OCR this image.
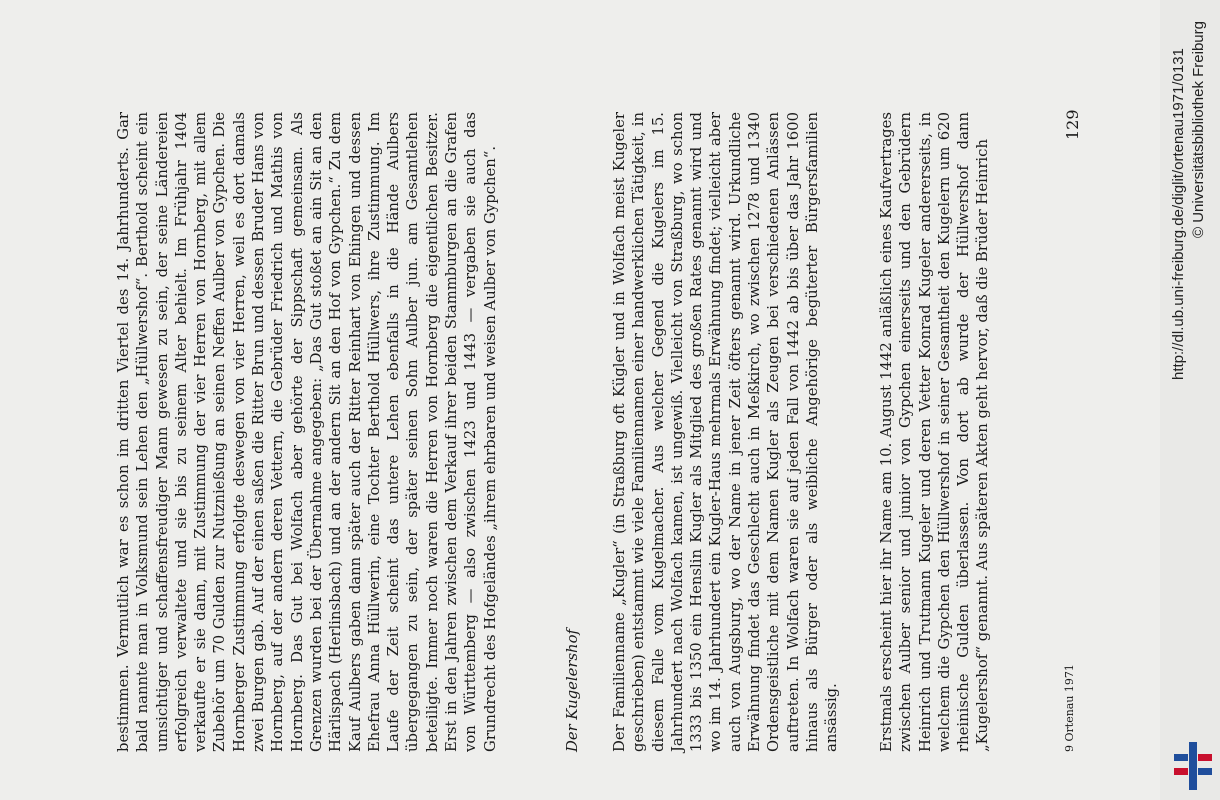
bestimmen. Vermutlich war es schon im dritten Viertel des 14. Jahrhunderts. Gar bald nannte man in Volksmund sein Lehen den „Hüllwershof“. Berthold scheint ein umsichtiger und schaffensfreudiger Mann gewesen zu sein, der seine Ländereien erfolgreich verwaltete und sie bis zu seinem Alter behielt. Im Frühjahr 1404 verkaufte er sie dann, mit Zustimmung der vier Herren von Hornberg, mit allem Zubehör um 70 Gulden zur Nutznießung an seinen Neffen Aulber von Gypchen. Die Hornberger Zustimmung erfolgte deswegen von vier Herren, weil es dort damals zwei Burgen gab. Auf der einen saßen die Ritter Brun und dessen Bruder Hans von Hornberg, auf der andern deren Vettern, die Gebrüder Friedrich und Mathis von Hornberg. Das Gut bei Wolfach aber gehörte der Sippschaft gemeinsam. Als Grenzen wurden bei der Übernahme angegeben: „Das Gut stoßet an ain Sit an den Härlispach (Herlinsbach) und an der andern Sit an den Hof von Gypchen.“ Zu dem Kauf Aulbers gaben dann später auch der Ritter Reinhart von Ehingen und dessen Ehefrau Anna Hüllwerin, eine Tochter Berthold Hüllwers, ihre Zustimmung. Im Laufe der Zeit scheint das untere Lehen ebenfalls in die Hände Aulbers übergegangen zu sein, der später seinen Sohn Aulber jun. am Gesamtlehen beteiligte. Immer noch waren die Herren von Hornberg die eigentlichen Besitzer. Erst in den Jahren zwischen dem Verkauf ihrer beiden Stammburgen an die Grafen von Württemberg — also zwischen 1423 und 1443 — vergaben sie auch das Grundrecht des Hofgeländes „ihrem ehrbaren und weisen Aulber von Gypchen“.	Der Kugelershof Der Familienname „Kugler“ (in Straßburg oft Kügler und in Wolfach meist Kugeler geschrieben) entstammt wie viele Familiennamen einer handwerklichen Tätigkeit, in diesem Falle vom Kugelmacher. Aus welcher Gegend die Kugelers im 15. Jahrhundert nach Wolfach kamen, ist ungewiß. Vielleicht von Straßburg, wo schon 1333 bis 1350 ein Henslin Kugler als Mitglied des großen Rates genannt wird und wo im 14. Jahrhundert ein Kugler-Haus mehrmals Erwähnung findet; vielleicht aber auch von Augsburg, wo der Name in jener Zeit öfters genannt wird. Urkundliche Erwähnung findet das Geschlecht auch in Meßkirch, wo zwischen 1278 und 1340 Ordensgeistliche mit dem Namen Kugler als Zeugen bei verschiedenen Anlässen auftreten. In Wolfach waren sie auf jeden Fall von 1442 ab bis über das Jahr 1600 hinaus als Bürger oder als weibliche Angehörige begüterter Bürgersfamilien ansässig.	Erstmals erscheint hier ihr Name am 10. August 1442 anläßlich eines Kaufvertrages zwischen Aulber senior und junior von Gypchen einerseits und den Gebrüdern Heinrich und Trutmann Kugeler und deren Vetter Konrad Kugeler andererseits, in welchem die Gypchen den Hüllwershof in seiner Gesamtheit den Kugelern um 620 rheinische Gulden überlassen. Von dort ab wurde der Hüllwershof dann „Kugelershof“ genannt. Aus späteren Akten geht hervor, daß die Brüder Heinrich	9 Ortenau 1971
129	http://dl.ub.uni-freiburg.de/diglit/ortenau1971/0131 © Universitätsbibliothek Freiburg
